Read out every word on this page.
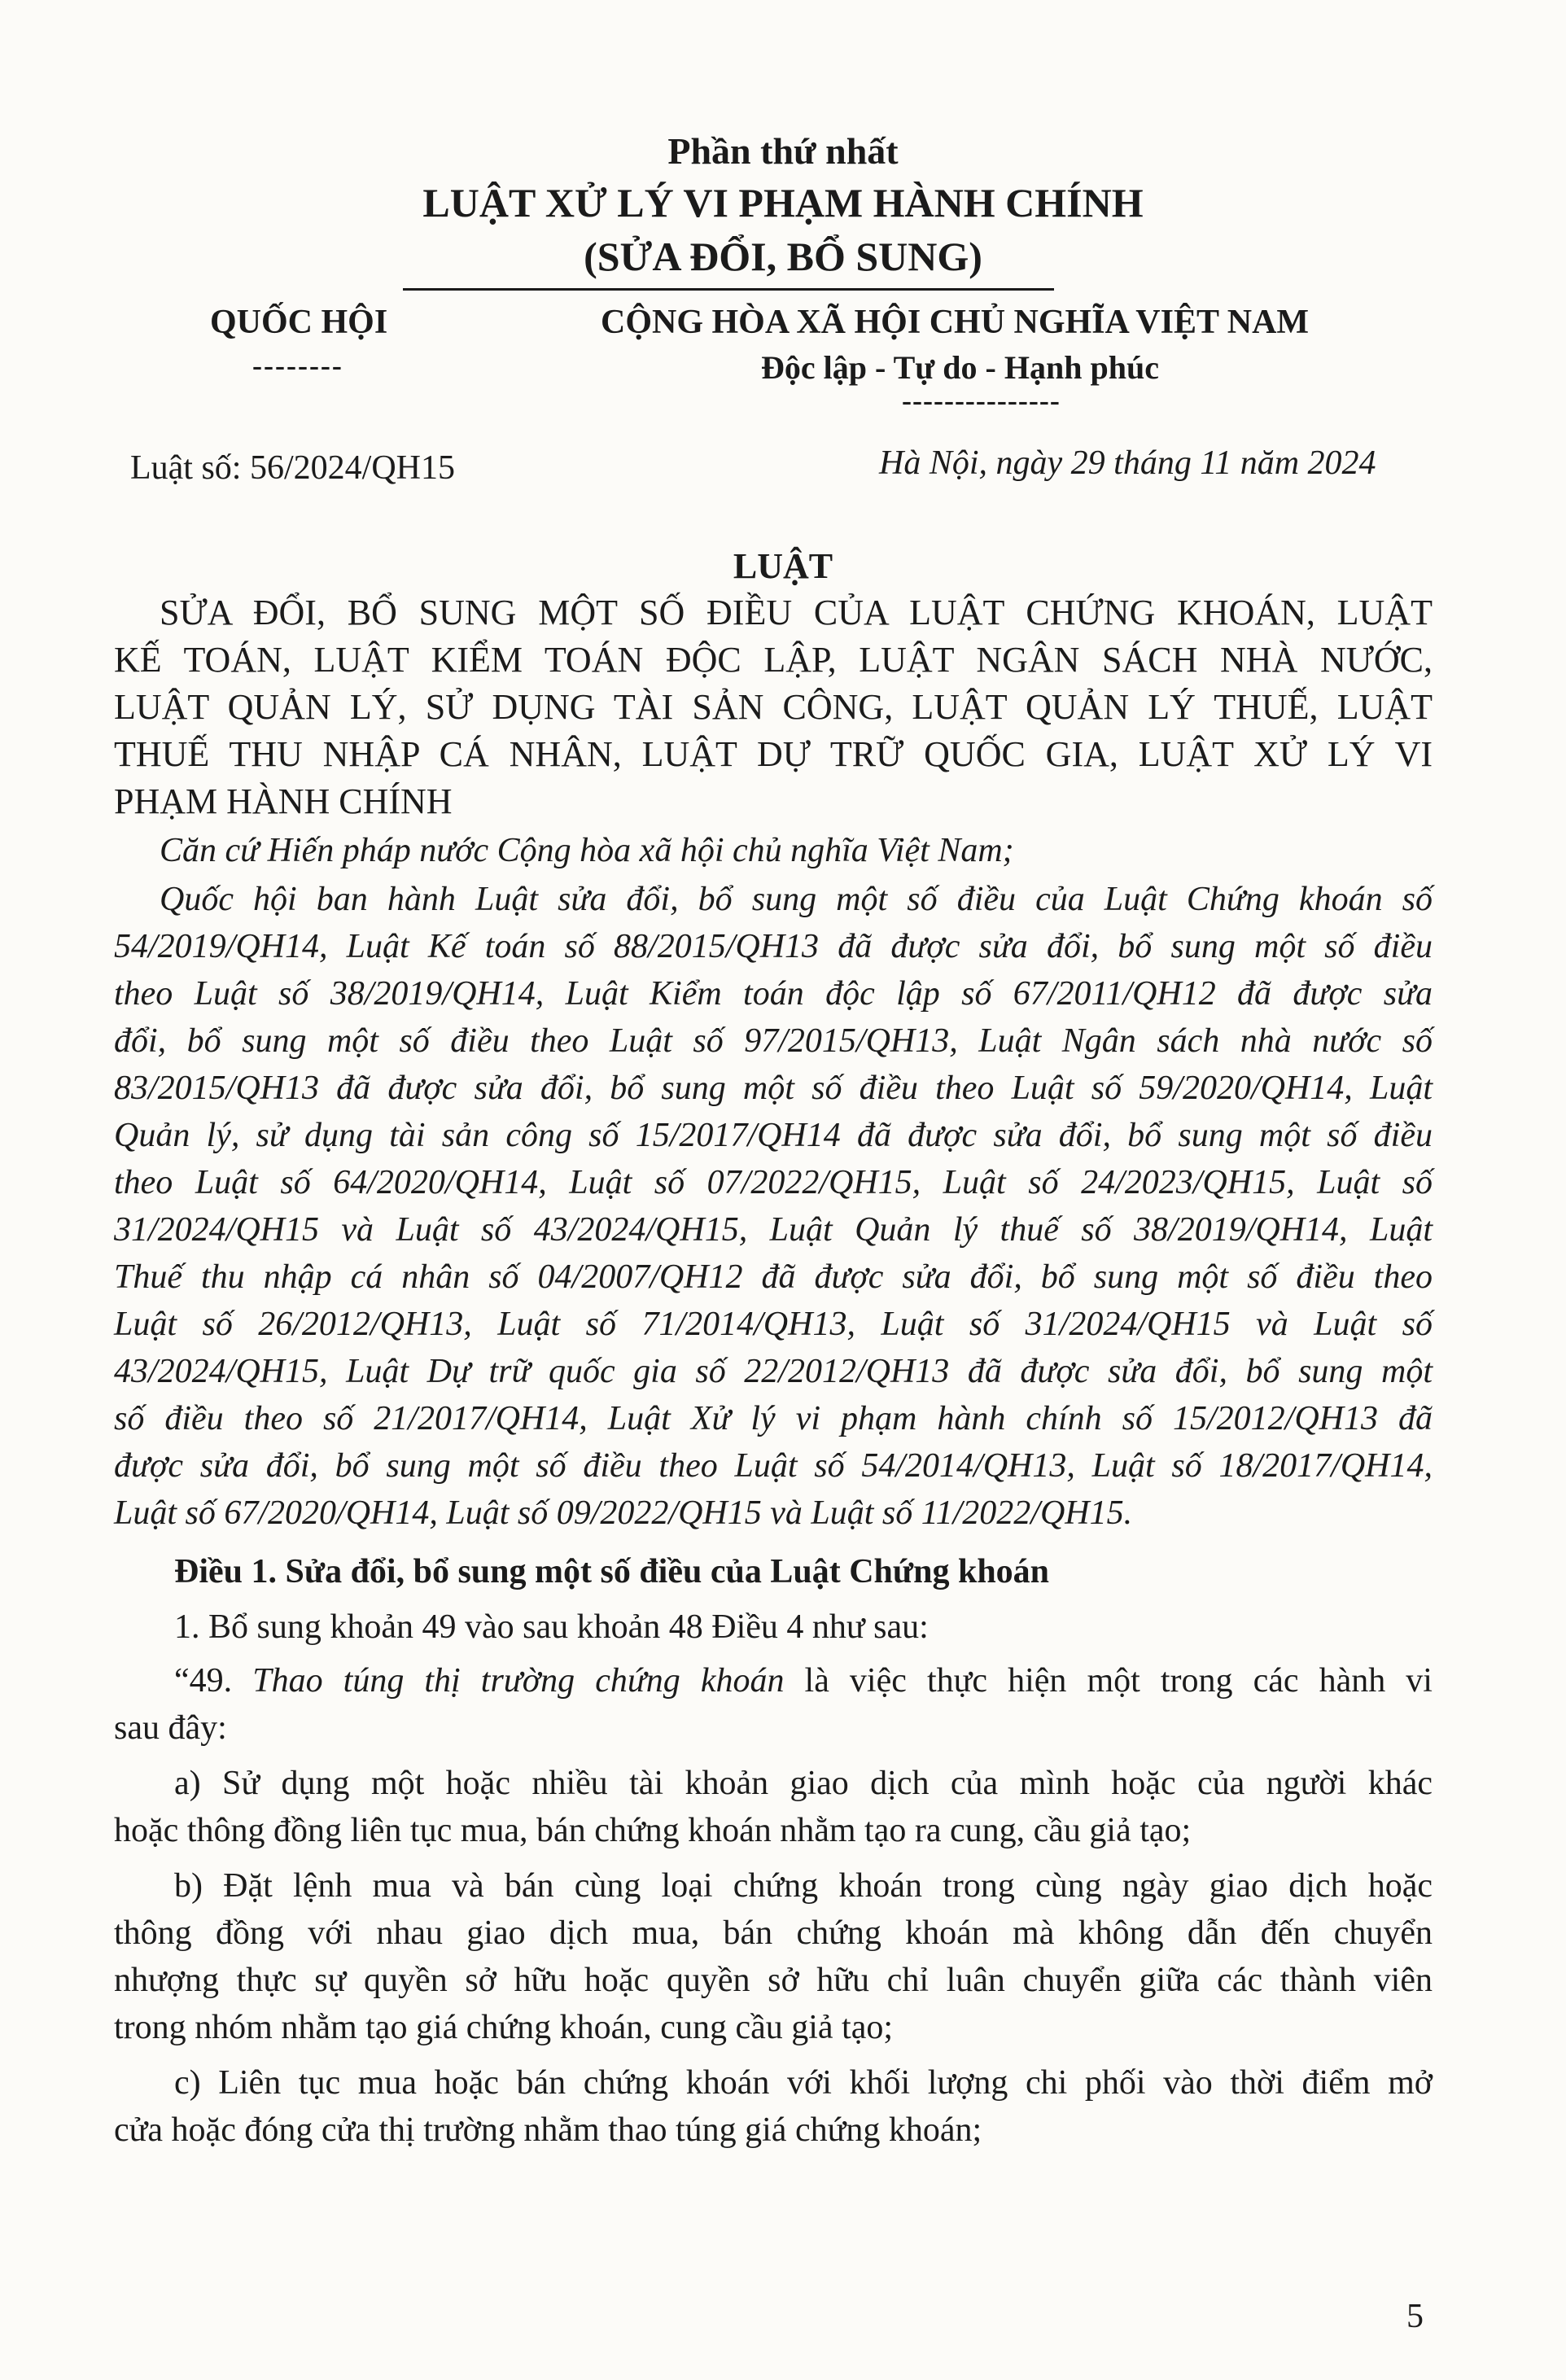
Phần thứ nhất
LUẬT XỬ LÝ VI PHẠM HÀNH CHÍNH
(SỬA ĐỔI, BỔ SUNG)
QUỐC HỘI
--------
CỘNG HÒA XÃ HỘI CHỦ NGHĨA VIỆT NAM
Độc lập - Tự do - Hạnh phúc
---------------
Luật số: 56/2024/QH15	Hà Nội, ngày 29 tháng 11 năm 2024
LUẬT
SỬA ĐỔI, BỔ SUNG MỘT SỐ ĐIỀU CỦA LUẬT CHỨNG KHOÁN, LUẬT
KẾ TOÁN, LUẬT KIỂM TOÁN ĐỘC LẬP, LUẬT NGÂN SÁCH NHÀ NƯỚC,
LUẬT QUẢN LÝ, SỬ DỤNG TÀI SẢN CÔNG, LUẬT QUẢN LÝ THUẾ, LUẬT
THUẾ THU NHẬP CÁ NHÂN, LUẬT DỰ TRỮ QUỐC GIA, LUẬT XỬ LÝ VI
PHẠM HÀNH CHÍNH
Căn cứ Hiến pháp nước Cộng hòa xã hội chủ nghĩa Việt Nam;
Quốc hội ban hành Luật sửa đổi, bổ sung một số điều của Luật Chứng khoán số
54/2019/QH14, Luật Kế toán số 88/2015/QH13 đã được sửa đổi, bổ sung một số điều
theo Luật số 38/2019/QH14, Luật Kiểm toán độc lập số 67/2011/QH12 đã được sửa
đổi, bổ sung một số điều theo Luật số 97/2015/QH13, Luật Ngân sách nhà nước số
83/2015/QH13 đã được sửa đổi, bổ sung một số điều theo Luật số 59/2020/QH14, Luật
Quản lý, sử dụng tài sản công số 15/2017/QH14 đã được sửa đổi, bổ sung một số điều
theo Luật số 64/2020/QH14, Luật số 07/2022/QH15, Luật số 24/2023/QH15, Luật số
31/2024/QH15 và Luật số 43/2024/QH15, Luật Quản lý thuế số 38/2019/QH14, Luật
Thuế thu nhập cá nhân số 04/2007/QH12 đã được sửa đổi, bổ sung một số điều theo
Luật số 26/2012/QH13, Luật số 71/2014/QH13, Luật số 31/2024/QH15 và Luật số
43/2024/QH15, Luật Dự trữ quốc gia số 22/2012/QH13 đã được sửa đổi, bổ sung một
số điều theo số 21/2017/QH14, Luật Xử lý vi phạm hành chính số 15/2012/QH13 đã
được sửa đổi, bổ sung một số điều theo Luật số 54/2014/QH13, Luật số 18/2017/QH14,
Luật số 67/2020/QH14, Luật số 09/2022/QH15 và Luật số 11/2022/QH15.
Điều 1. Sửa đổi, bổ sung một số điều của Luật Chứng khoán
1. Bổ sung khoản 49 vào sau khoản 48 Điều 4 như sau:
“49. Thao túng thị trường chứng khoán là việc thực hiện một trong các hành vi
sau đây:
a) Sử dụng một hoặc nhiều tài khoản giao dịch của mình hoặc của người khác
hoặc thông đồng liên tục mua, bán chứng khoán nhằm tạo ra cung, cầu giả tạo;
b) Đặt lệnh mua và bán cùng loại chứng khoán trong cùng ngày giao dịch hoặc
thông đồng với nhau giao dịch mua, bán chứng khoán mà không dẫn đến chuyển
nhượng thực sự quyền sở hữu hoặc quyền sở hữu chỉ luân chuyển giữa các thành viên
trong nhóm nhằm tạo giá chứng khoán, cung cầu giả tạo;
c) Liên tục mua hoặc bán chứng khoán với khối lượng chi phối vào thời điểm mở
cửa hoặc đóng cửa thị trường nhằm thao túng giá chứng khoán;
5
